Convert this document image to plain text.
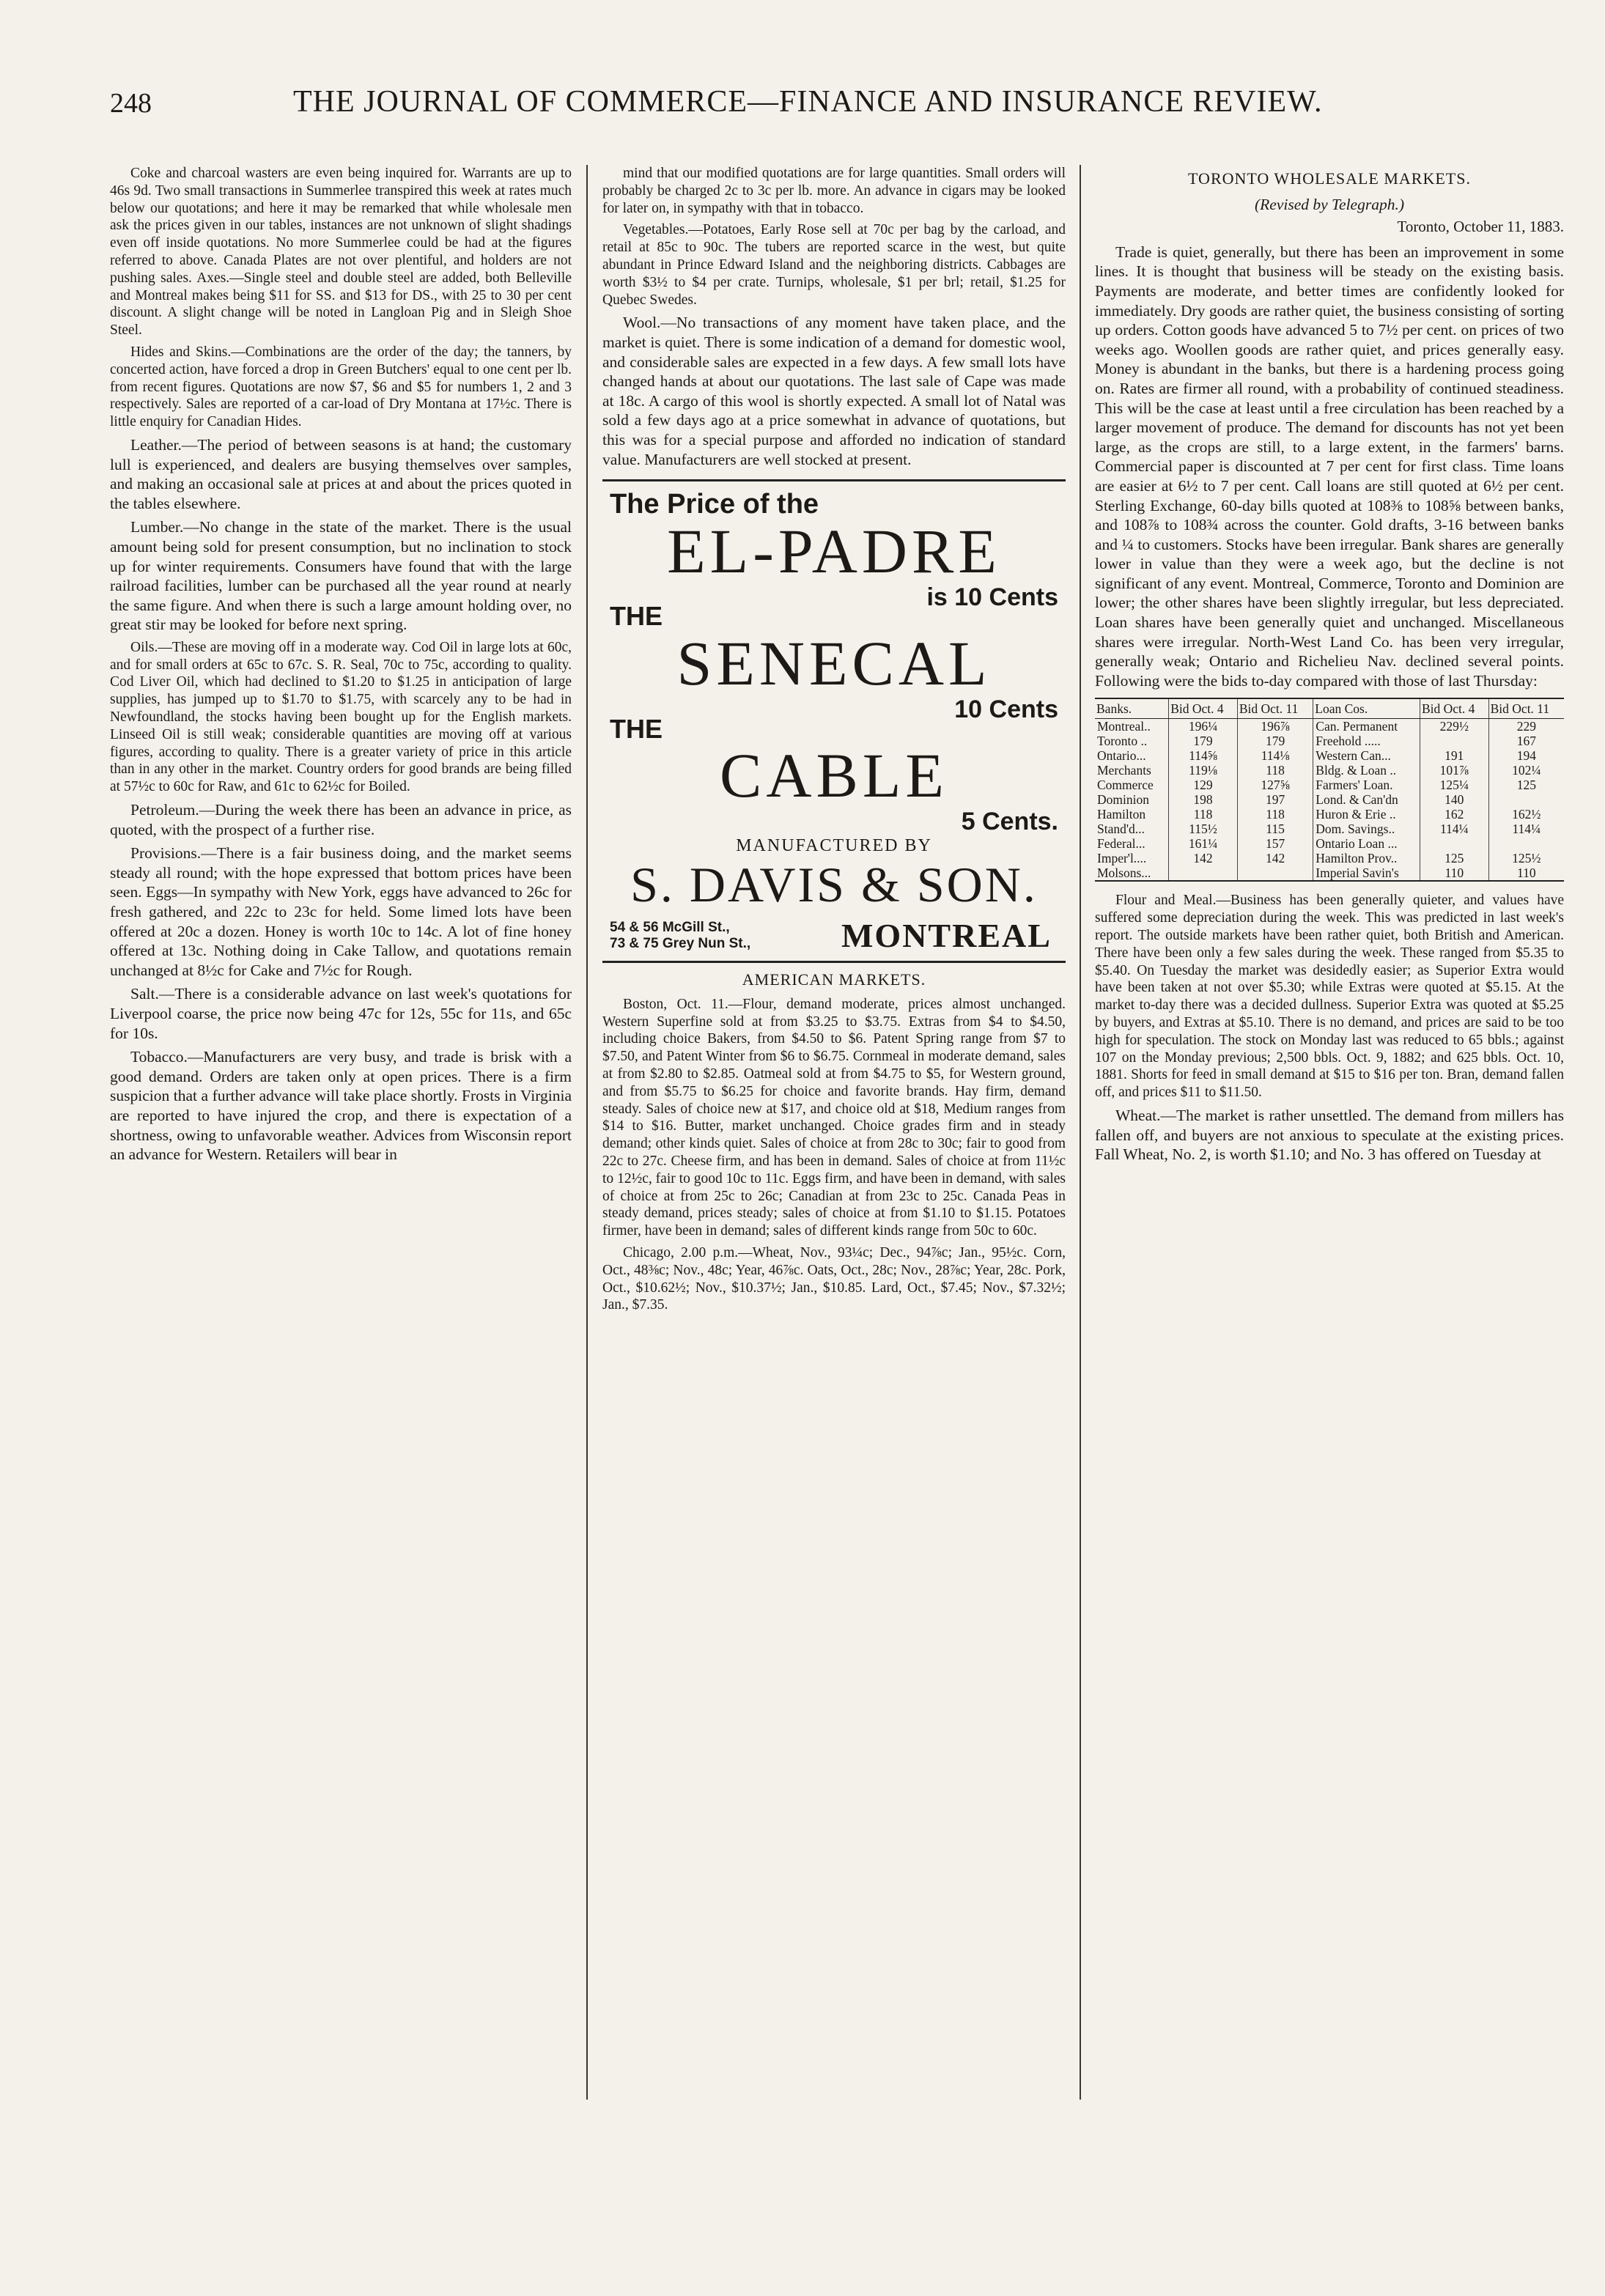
248	THE JOURNAL OF COMMERCE—FINANCE AND INSURANCE REVIEW.

Coke and charcoal wasters are even being inquired for. Warrants are up to 46s 9d. Two small transactions in Summerlee transpired this week at rates much below our quotations; and here it may be remarked that while wholesale men ask the prices given in our tables, instances are not unknown of slight shadings even off inside quotations. No more Summerlee could be had at the figures referred to above. Canada Plates are not over plentiful, and holders are not pushing sales. Axes.—Single steel and double steel are added, both Belleville and Montreal makes being $11 for SS. and $13 for DS., with 25 to 30 per cent discount. A slight change will be noted in Langloan Pig and in Sleigh Shoe Steel.

Hides and Skins.—Combinations are the order of the day; the tanners, by concerted action, have forced a drop in Green Butchers' equal to one cent per lb. from recent figures. Quotations are now $7, $6 and $5 for numbers 1, 2 and 3 respectively. Sales are reported of a car-load of Dry Montana at 17½c. There is little enquiry for Canadian Hides.

Leather.—The period of between seasons is at hand; the customary lull is experienced, and dealers are busying themselves over samples, and making an occasional sale at prices at and about the prices quoted in the tables elsewhere.

Lumber.—No change in the state of the market. There is the usual amount being sold for present consumption, but no inclination to stock up for winter requirements. Consumers have found that with the large railroad facilities, lumber can be purchased all the year round at nearly the same figure. And when there is such a large amount holding over, no great stir may be looked for before next spring.

Oils.—These are moving off in a moderate way. Cod Oil in large lots at 60c, and for small orders at 65c to 67c. S. R. Seal, 70c to 75c, according to quality. Cod Liver Oil, which had declined to $1.20 to $1.25 in anticipation of large supplies, has jumped up to $1.70 to $1.75, with scarcely any to be had in Newfoundland, the stocks having been bought up for the English markets. Linseed Oil is still weak; considerable quantities are moving off at various figures, according to quality. There is a greater variety of price in this article than in any other in the market. Country orders for good brands are being filled at 57½c to 60c for Raw, and 61c to 62½c for Boiled.

Petroleum.—During the week there has been an advance in price, as quoted, with the prospect of a further rise.

Provisions.—There is a fair business doing, and the market seems steady all round; with the hope expressed that bottom prices have been seen. Eggs—In sympathy with New York, eggs have advanced to 26c for fresh gathered, and 22c to 23c for held. Some limed lots have been offered at 20c a dozen. Honey is worth 10c to 14c. A lot of fine honey offered at 13c. Nothing doing in Cake Tallow, and quotations remain unchanged at 8½c for Cake and 7½c for Rough.

Salt.—There is a considerable advance on last week's quotations for Liverpool coarse, the price now being 47c for 12s, 55c for 11s, and 65c for 10s.

Tobacco.—Manufacturers are very busy, and trade is brisk with a good demand. Orders are taken only at open prices. There is a firm suspicion that a further advance will take place shortly. Frosts in Virginia are reported to have injured the crop, and there is expectation of a shortness, owing to unfavorable weather. Advices from Wisconsin report an advance for Western. Retailers will bear in

mind that our modified quotations are for large quantities. Small orders will probably be charged 2c to 3c per lb. more. An advance in cigars may be looked for later on, in sympathy with that in tobacco.

Vegetables.—Potatoes, Early Rose sell at 70c per bag by the carload, and retail at 85c to 90c. The tubers are reported scarce in the west, but quite abundant in Prince Edward Island and the neighboring districts. Cabbages are worth $3½ to $4 per crate. Turnips, wholesale, $1 per brl; retail, $1.25 for Quebec Swedes.

Wool.—No transactions of any moment have taken place, and the market is quiet. There is some indication of a demand for domestic wool, and considerable sales are expected in a few days. A few small lots have changed hands at about our quotations. The last sale of Cape was made at 18c. A cargo of this wool is shortly expected. A small lot of Natal was sold a few days ago at a price somewhat in advance of quotations, but this was for a special purpose and afforded no indication of standard value. Manufacturers are well stocked at present.

The Price of the
EL-PADRE
is 10 Cents
THE
SENECAL
10 Cents
THE
CABLE
5 Cents.
MANUFACTURED BY
S. DAVIS & SON.
54 & 56 McGill St.,
73 & 75 Grey Nun St.,	MONTREAL
AMERICAN MARKETS.

Boston, Oct. 11.—Flour, demand moderate, prices almost unchanged. Western Superfine sold at from $3.25 to $3.75. Extras from $4 to $4.50, including choice Bakers, from $4.50 to $6. Patent Spring range from $7 to $7.50, and Patent Winter from $6 to $6.75. Cornmeal in moderate demand, sales at from $2.80 to $2.85. Oatmeal sold at from $4.75 to $5, for Western ground, and from $5.75 to $6.25 for choice and favorite brands. Hay firm, demand steady. Sales of choice new at $17, and choice old at $18, Medium ranges from $14 to $16. Butter, market unchanged. Choice grades firm and in steady demand; other kinds quiet. Sales of choice at from 28c to 30c; fair to good from 22c to 27c. Cheese firm, and has been in demand. Sales of choice at from 11½c to 12½c, fair to good 10c to 11c. Eggs firm, and have been in demand, with sales of choice at from 25c to 26c; Canadian at from 23c to 25c. Canada Peas in steady demand, prices steady; sales of choice at from $1.10 to $1.15. Potatoes firmer, have been in demand; sales of different kinds range from 50c to 60c.

Chicago, 2.00 p.m.—Wheat, Nov., 93¼c; Dec., 94⅞c; Jan., 95½c. Corn, Oct., 48⅜c; Nov., 48c; Year, 46⅞c. Oats, Oct., 28c; Nov., 28⅞c; Year, 28c. Pork, Oct., $10.62½; Nov., $10.37½; Jan., $10.85. Lard, Oct., $7.45; Nov., $7.32½; Jan., $7.35.

TORONTO WHOLESALE MARKETS.
(Revised by Telegraph.)
Toronto, October 11, 1883.

Trade is quiet, generally, but there has been an improvement in some lines. It is thought that business will be steady on the existing basis. Payments are moderate, and better times are confidently looked for immediately. Dry goods are rather quiet, the business consisting of sorting up orders. Cotton goods have advanced 5 to 7½ per cent. on prices of two weeks ago. Woollen goods are rather quiet, and prices generally easy. Money is abundant in the banks, but there is a hardening process going on. Rates are firmer all round, with a probability of continued steadiness. This will be the case at least until a free circulation has been reached by a larger movement of produce. The demand for discounts has not yet been large, as the crops are still, to a large extent, in the farmers' barns. Commercial paper is discounted at 7 per cent for first class. Time loans are easier at 6½ to 7 per cent. Call loans are still quoted at 6½ per cent. Sterling Exchange, 60-day bills quoted at 108⅜ to 108⅝ between banks, and 108⅞ to 108¾ across the counter. Gold drafts, 3-16 between banks and ¼ to customers. Stocks have been irregular. Bank shares are generally lower in value than they were a week ago, but the decline is not significant of any event. Montreal, Commerce, Toronto and Dominion are lower; the other shares have been slightly irregular, but less depreciated. Loan shares have been generally quiet and unchanged. Miscellaneous shares were irregular. North-West Land Co. has been very irregular, generally weak; Ontario and Richelieu Nav. declined several points. Following were the bids to-day compared with those of last Thursday:

Banks.	Bid Oct. 4	Bid Oct. 11	Loan Cos.	Bid Oct. 4	Bid Oct. 11
Montreal..	196¼	196⅞	Can. Permanent	229½	229
Toronto ..	179	179	Freehold .....		167
Ontario...	114⅝	114⅛	Western Can...	191	194
Merchants	119⅛	118	Bldg. & Loan ..	101⅞	102¼
Commerce	129	127⅝	Farmers' Loan.	125¼	125
Dominion	198	197	Lond. & Can'dn	140	
Hamilton	118	118	Huron & Erie ..	162	162½
Stand'd...	115½	115	Dom. Savings..	114¼	114¼
Federal...	161¼	157	Ontario Loan ...		
Imper'l....	142	142	Hamilton Prov..	125	125½
Molsons...			Imperial Savin's	110	110

Flour and Meal.—Business has been generally quieter, and values have suffered some depreciation during the week. This was predicted in last week's report. The outside markets have been rather quiet, both British and American. There have been only a few sales during the week. These ranged from $5.35 to $5.40. On Tuesday the market was desidedly easier; as Superior Extra would have been taken at not over $5.30; while Extras were quoted at $5.15. At the market to-day there was a decided dullness. Superior Extra was quoted at $5.25 by buyers, and Extras at $5.10. There is no demand, and prices are said to be too high for speculation. The stock on Monday last was reduced to 65 bbls.; against 107 on the Monday previous; 2,500 bbls. Oct. 9, 1882; and 625 bbls. Oct. 10, 1881. Shorts for feed in small demand at $15 to $16 per ton. Bran, demand fallen off, and prices $11 to $11.50.

Wheat.—The market is rather unsettled. The demand from millers has fallen off, and buyers are not anxious to speculate at the existing prices. Fall Wheat, No. 2, is worth $1.10; and No. 3 has offered on Tuesday at
